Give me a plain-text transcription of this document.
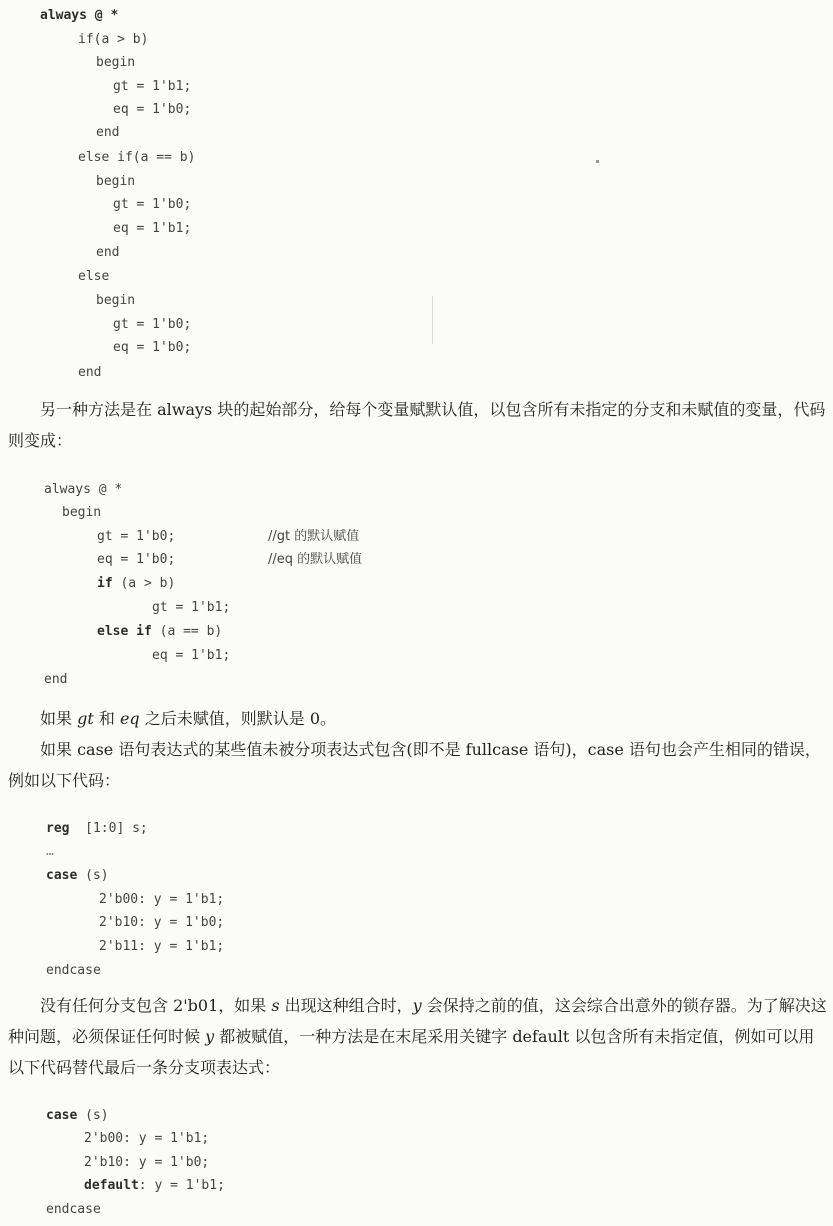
always @ *
if(a > b)
begin
gt = 1'b1;
eq = 1'b0;
end
else if(a == b)
begin
gt = 1'b0;
eq = 1'b1;
end
else
begin
gt = 1'b0;
eq = 1'b0;
end
另一种方法是在 always 块的起始部分，给每个变量赋默认值，以包含所有未指定的分支和未赋值的变量，代码则变成：
always @ *
begin
gt = 1'b0;	//gt 的默认赋值
eq = 1'b0;	//eq 的默认赋值
if (a > b)
gt = 1'b1;
else if (a == b)
eq = 1'b1;
end
如果 gt 和 eq 之后未赋值，则默认是 0。
如果 case 语句表达式的某些值未被分项表达式包含(即不是 fullcase 语句)，case 语句也会产生相同的错误，例如以下代码：
reg  [1:0] s;
…
case (s)
2'b00: y = 1'b1;
2'b10: y = 1'b0;
2'b11: y = 1'b1;
endcase
没有任何分支包含 2'b01，如果 s 出现这种组合时，y 会保持之前的值，这会综合出意外的锁存器。为了解决这种问题，必须保证任何时候 y 都被赋值，一种方法是在末尾采用关键字 default 以包含所有未指定值，例如可以用以下代码替代最后一条分支项表达式：
case (s)
2'b00: y = 1'b1;
2'b10: y = 1'b0;
default: y = 1'b1;
endcase
